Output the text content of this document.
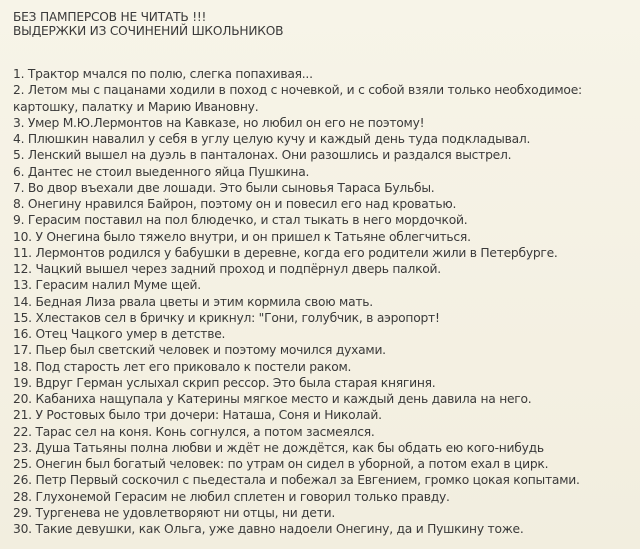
БЕЗ ПАМПЕРСОВ НЕ ЧИТАТЬ !!!
ВЫДЕРЖКИ ИЗ СОЧИНЕНИЙ ШКОЛЬНИКОВ
1. Трактор мчался по полю, слегка попахивая...
2. Летом мы с пацанами ходили в поход с ночевкой, и с собой взяли только необходимое: картошку, палатку и Марию Ивановну.
3. Умер М.Ю.Лермонтов на Кавказе, но любил он его не поэтому!
4. Плюшкин навалил у себя в углу целую кучу и каждый день туда подкладывал.
5. Ленский вышел на дуэль в панталонах. Они разошлись и раздался выстрел.
6. Дантес не стоил выеденного яйца Пушкина.
7. Во двор въехали две лошади. Это были сыновья Тараса Бульбы.
8. Онегину нравился Байрон, поэтому он и повесил его над кроватью.
9. Герасим поставил на пол блюдечко, и стал тыкать в него мордочкой.
10. У Онегина было тяжело внутри, и он пришел к Татьяне облегчиться.
11. Лермонтов родился у бабушки в деревне, когда его родители жили в Петербурге.
12. Чацкий вышел через задний проход и подпёрнул дверь палкой.
13. Герасим налил Муме щей.
14. Бедная Лиза рвала цветы и этим кормила свою мать.
15. Хлестаков сел в бричку и крикнул: "Гони, голубчик, в аэропорт!
16. Отец Чацкого умер в детстве.
17. Пьер был светский человек и поэтому мочился духами.
18. Под старость лет его приковало к постели раком.
19. Вдруг Герман услыхал скрип рессор. Это была старая княгиня.
20. Кабаниха нащупала у Катерины мягкое место и каждый день давила на него.
21. У Ростовых было три дочери: Наташа, Соня и Николай.
22. Тарас сел на коня. Конь согнулся, а потом засмеялся.
23. Душа Татьяны полна любви и ждёт не дождётся, как бы обдать ею кого-нибудь
25. Онегин был богатый человек: по утрам он сидел в уборной, а потом ехал в цирк.
26. Петр Первый соскочил с пьедестала и побежал за Евгением, громко цокая копытами.
28. Глухонемой Герасим не любил сплетен и говорил только правду.
29. Тургенева не удовлетворяют ни отцы, ни дети.
30. Такие девушки, как Ольга, уже давно надоели Онегину, да и Пушкину тоже.
